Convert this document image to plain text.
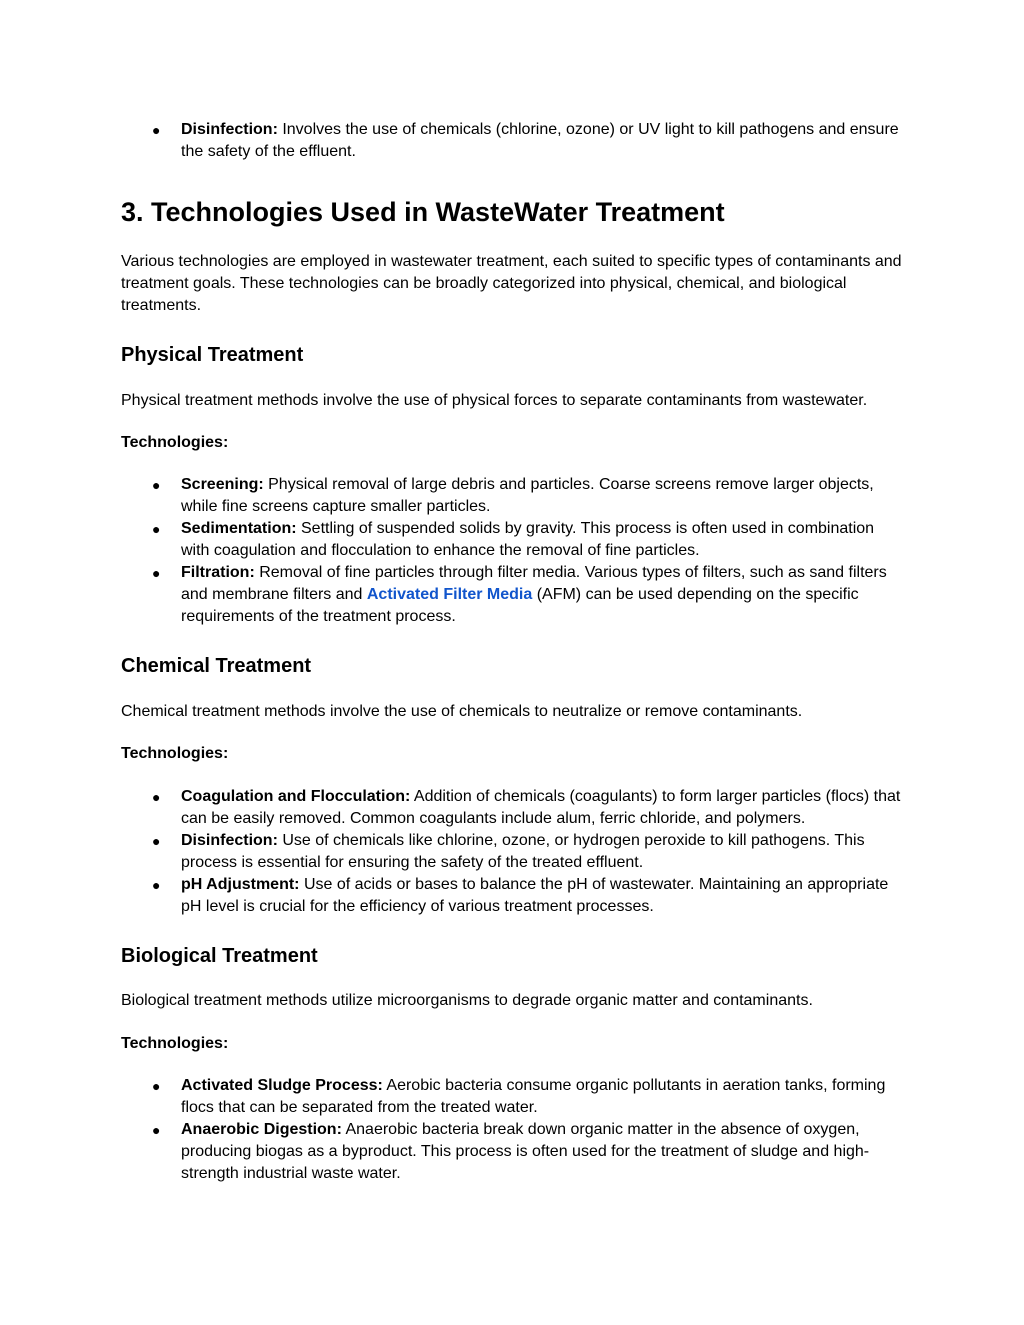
● Disinfection: Involves the use of chemicals (chlorine, ozone) or UV light to kill pathogens and ensure the safety of the effluent.
3. Technologies Used in WasteWater Treatment

Various technologies are employed in wastewater treatment, each suited to specific types of contaminants and treatment goals. These technologies can be broadly categorized into physical, chemical, and biological treatments.

Physical Treatment

Physical treatment methods involve the use of physical forces to separate contaminants from wastewater.

Technologies:

● Screening: Physical removal of large debris and particles. Coarse screens remove larger objects, while fine screens capture smaller particles.
● Sedimentation: Settling of suspended solids by gravity. This process is often used in combination with coagulation and flocculation to enhance the removal of fine particles.
● Filtration: Removal of fine particles through filter media. Various types of filters, such as sand filters and membrane filters and Activated Filter Media (AFM) can be used depending on the specific requirements of the treatment process.
Chemical Treatment

Chemical treatment methods involve the use of chemicals to neutralize or remove contaminants.

Technologies:

● Coagulation and Flocculation: Addition of chemicals (coagulants) to form larger particles (flocs) that can be easily removed. Common coagulants include alum, ferric chloride, and polymers.
● Disinfection: Use of chemicals like chlorine, ozone, or hydrogen peroxide to kill pathogens. This process is essential for ensuring the safety of the treated effluent.
● pH Adjustment: Use of acids or bases to balance the pH of wastewater. Maintaining an appropriate pH level is crucial for the efficiency of various treatment processes.
Biological Treatment

Biological treatment methods utilize microorganisms to degrade organic matter and contaminants.

Technologies:

● Activated Sludge Process: Aerobic bacteria consume organic pollutants in aeration tanks, forming flocs that can be separated from the treated water.
● Anaerobic Digestion: Anaerobic bacteria break down organic matter in the absence of oxygen, producing biogas as a byproduct. This process is often used for the treatment of sludge and high-strength industrial waste water.
